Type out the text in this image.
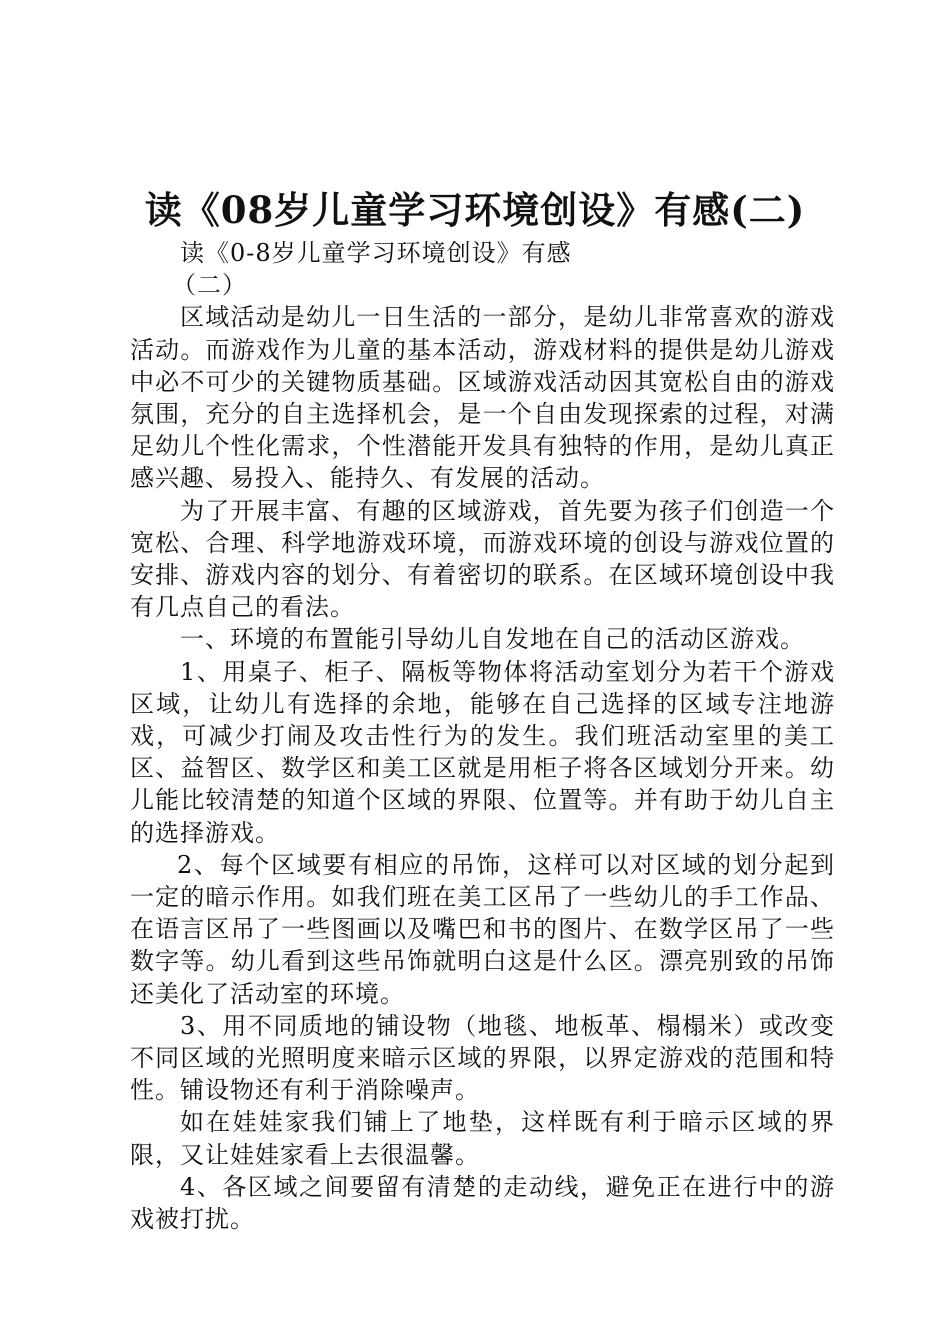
读《08岁儿童学习环境创设》有感(二)

读《0-8岁儿童学习环境创设》有感

（二）

区域活动是幼儿一日生活的一部分，是幼儿非常喜欢的游戏活动。而游戏作为儿童的基本活动，游戏材料的提供是幼儿游戏中必不可少的关键物质基础。区域游戏活动因其宽松自由的游戏氛围，充分的自主选择机会，是一个自由发现探索的过程，对满足幼儿个性化需求，个性潜能开发具有独特的作用，是幼儿真正感兴趣、易投入、能持久、有发展的活动。

为了开展丰富、有趣的区域游戏，首先要为孩子们创造一个宽松、合理、科学地游戏环境，而游戏环境的创设与游戏位置的安排、游戏内容的划分、有着密切的联系。在区域环境创设中我有几点自己的看法。

一、环境的布置能引导幼儿自发地在自己的活动区游戏。

1、用桌子、柜子、隔板等物体将活动室划分为若干个游戏区域，让幼儿有选择的余地，能够在自己选择的区域专注地游戏，可减少打闹及攻击性行为的发生。我们班活动室里的美工区、益智区、数学区和美工区就是用柜子将各区域划分开来。幼儿能比较清楚的知道个区域的界限、位置等。并有助于幼儿自主的选择游戏。

2、每个区域要有相应的吊饰，这样可以对区域的划分起到一定的暗示作用。如我们班在美工区吊了一些幼儿的手工作品、在语言区吊了一些图画以及嘴巴和书的图片、在数学区吊了一些数字等。幼儿看到这些吊饰就明白这是什么区。漂亮别致的吊饰还美化了活动室的环境。

3、用不同质地的铺设物（地毯、地板革、榻榻米）或改变不同区域的光照明度来暗示区域的界限，以界定游戏的范围和特性。铺设物还有利于消除噪声。

如在娃娃家我们铺上了地垫，这样既有利于暗示区域的界限，又让娃娃家看上去很温馨。

4、各区域之间要留有清楚的走动线，避免正在进行中的游戏被打扰。
